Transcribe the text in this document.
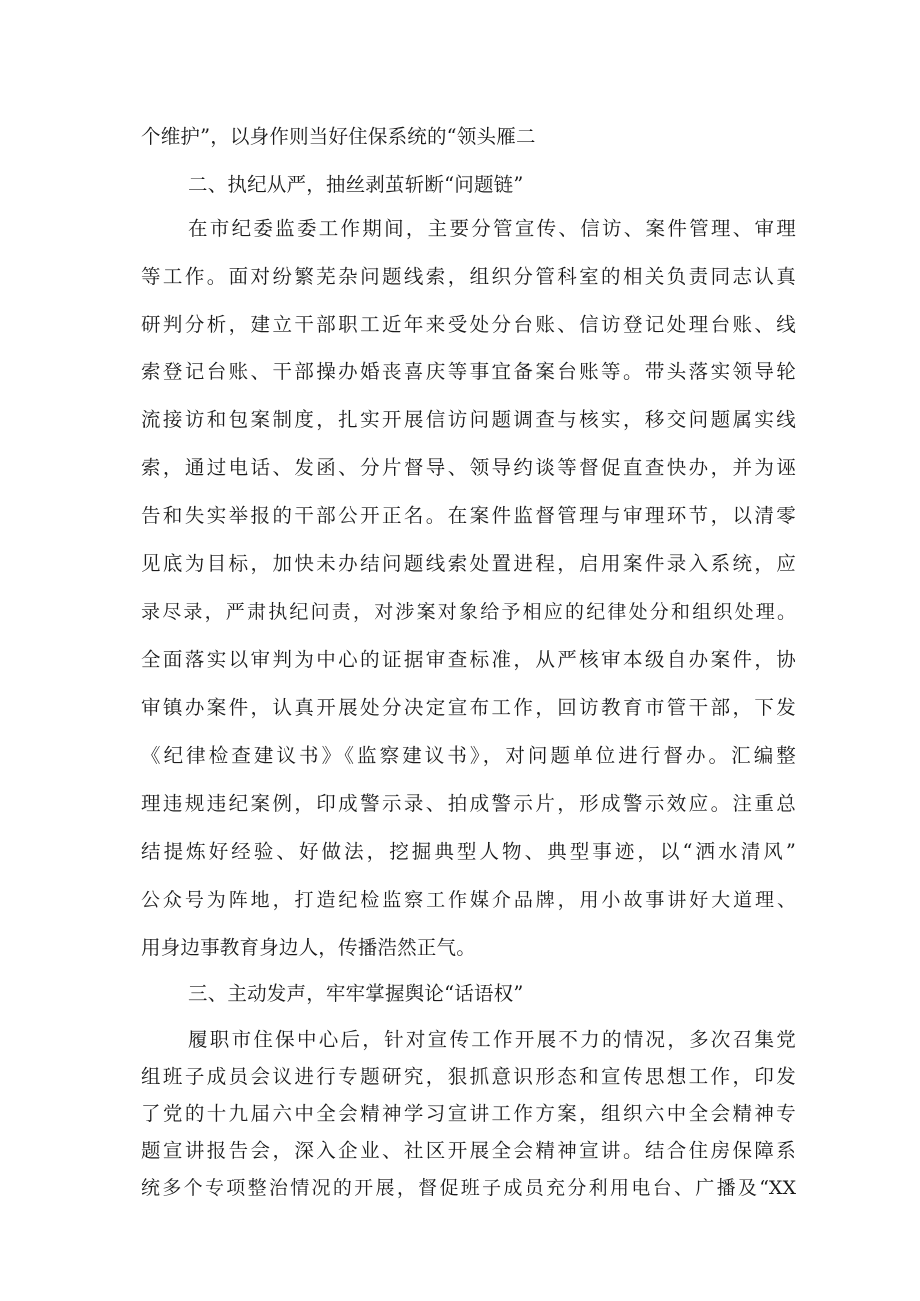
个维护”，以身作则当好住保系统的“领头雁二
二、执纪从严，抽丝剥茧斩断“问题链”
在市纪委监委工作期间，主要分管宣传、信访、案件管理、审理
等工作。面对纷繁芜杂问题线索，组织分管科室的相关负责同志认真
研判分析，建立干部职工近年来受处分台账、信访登记处理台账、线
索登记台账、干部操办婚丧喜庆等事宜备案台账等。带头落实领导轮
流接访和包案制度，扎实开展信访问题调查与核实，移交问题属实线
索，通过电话、发函、分片督导、领导约谈等督促直查快办，并为诬
告和失实举报的干部公开正名。在案件监督管理与审理环节，以清零
见底为目标，加快未办结问题线索处置进程，启用案件录入系统，应
录尽录，严肃执纪问责，对涉案对象给予相应的纪律处分和组织处理。
全面落实以审判为中心的证据审查标准，从严核审本级自办案件，协
审镇办案件，认真开展处分决定宣布工作，回访教育市管干部，下发
《纪律检查建议书》《监察建议书》，对问题单位进行督办。汇编整
理违规违纪案例，印成警示录、拍成警示片，形成警示效应。注重总
结提炼好经验、好做法，挖掘典型人物、典型事迹，以“洒水清风”
公众号为阵地，打造纪检监察工作媒介品牌，用小故事讲好大道理、
用身边事教育身边人，传播浩然正气。
三、主动发声，牢牢掌握舆论“话语权”
履职市住保中心后，针对宣传工作开展不力的情况，多次召集党
组班子成员会议进行专题研究，狠抓意识形态和宣传思想工作，印发
了党的十九届六中全会精神学习宣讲工作方案，组织六中全会精神专
题宣讲报告会，深入企业、社区开展全会精神宣讲。结合住房保障系
统多个专项整治情况的开展，督促班子成员充分利用电台、广播及“XX
